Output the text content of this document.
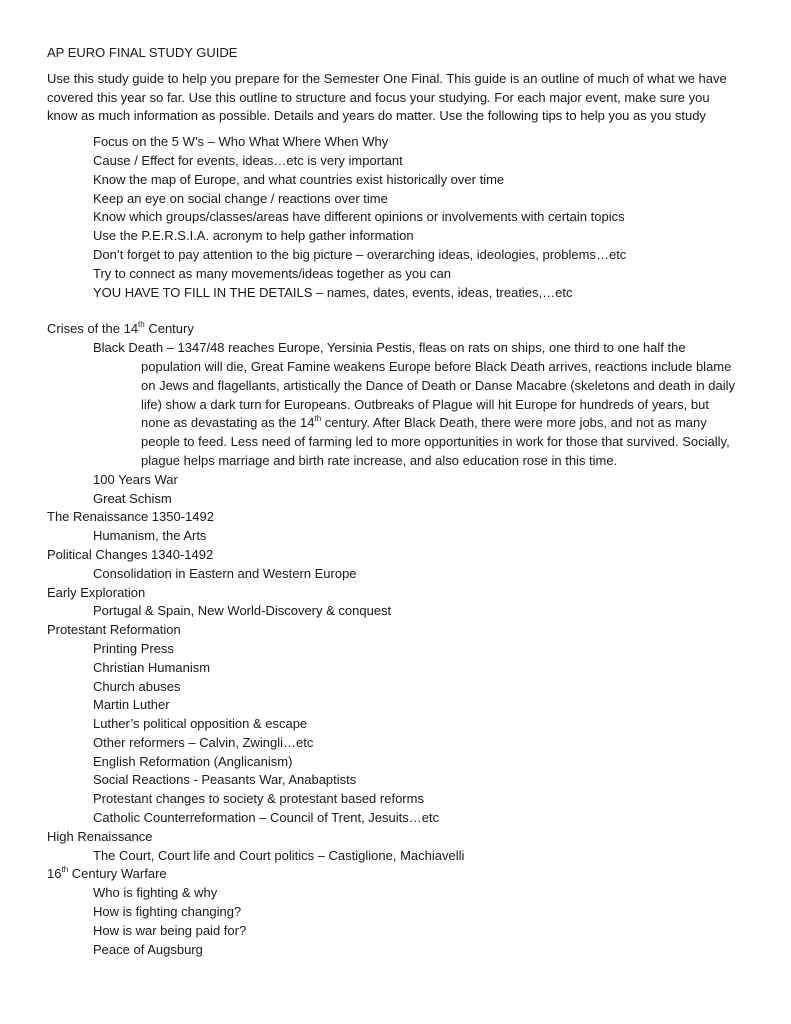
AP EURO FINAL STUDY GUIDE
Use this study guide to help you prepare for the Semester One Final. This guide is an outline of much of what we have
covered this year so far. Use this outline to structure and focus your studying. For each major event, make sure you
know as much information as possible. Details and years do matter. Use the following tips to help you as you study
Focus on the 5 W’s – Who What Where When Why
Cause / Effect for events, ideas…etc is very important
Know the map of Europe, and what countries exist historically over time
Keep an eye on social change / reactions over time
Know which groups/classes/areas have different opinions or involvements with certain topics
Use the P.E.R.S.I.A. acronym to help gather information
Don’t forget to pay attention to the big picture – overarching ideas, ideologies, problems…etc
Try to connect as many movements/ideas together as you can
YOU HAVE TO FILL IN THE DETAILS – names, dates, events, ideas, treaties,…etc
Crises of the 14th Century
Black Death – 1347/48 reaches Europe, Yersinia Pestis, fleas on rats on ships, one third to one half the
population will die, Great Famine weakens Europe before Black Death arrives, reactions include blame
on Jews and flagellants, artistically the Dance of Death or Danse Macabre (skeletons and death in daily
life) show a dark turn for Europeans. Outbreaks of Plague will hit Europe for hundreds of years, but
none as devastating as the 14th century. After Black Death, there were more jobs, and not as many
people to feed. Less need of farming led to more opportunities in work for those that survived. Socially,
plague helps marriage and birth rate increase, and also education rose in this time.
100 Years War
Great Schism
The Renaissance 1350-1492
Humanism, the Arts
Political Changes 1340-1492
Consolidation in Eastern and Western Europe
Early Exploration
Portugal & Spain, New World-Discovery & conquest
Protestant Reformation
Printing Press
Christian Humanism
Church abuses
Martin Luther
Luther’s political opposition & escape
Other reformers – Calvin, Zwingli…etc
English Reformation (Anglicanism)
Social Reactions - Peasants War, Anabaptists
Protestant changes to society & protestant based reforms
Catholic Counterreformation – Council of Trent, Jesuits…etc
High Renaissance
The Court, Court life and Court politics – Castiglione, Machiavelli
16th Century Warfare
Who is fighting & why
How is fighting changing?
How is war being paid for?
Peace of Augsburg
